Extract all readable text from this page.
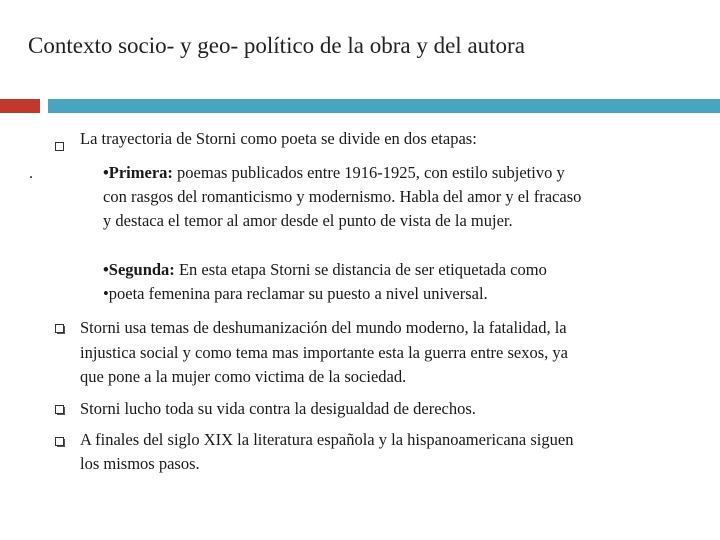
Contexto socio- y geo- político de la obra y del autora
La trayectoria de Storni como poeta se divide en dos etapas:
.	•Primera: poemas publicados entre 1916-1925, con estilo subjetivo y
con rasgos del romanticismo y modernismo. Habla del amor y el fracaso
y destaca el temor al amor desde el punto de vista de la mujer.
•Segunda: En esta etapa Storni se distancia de ser etiquetada como
•poeta femenina para reclamar su puesto a nivel universal.
Storni usa temas de deshumanización del mundo moderno, la fatalidad, la
injustica social y como tema mas importante esta la guerra entre sexos, ya
que pone a la mujer como victima de la sociedad.
Storni lucho toda su vida contra la desigualdad de derechos.
A finales del siglo XIX la literatura española y la hispanoamericana siguen
los mismos pasos.
